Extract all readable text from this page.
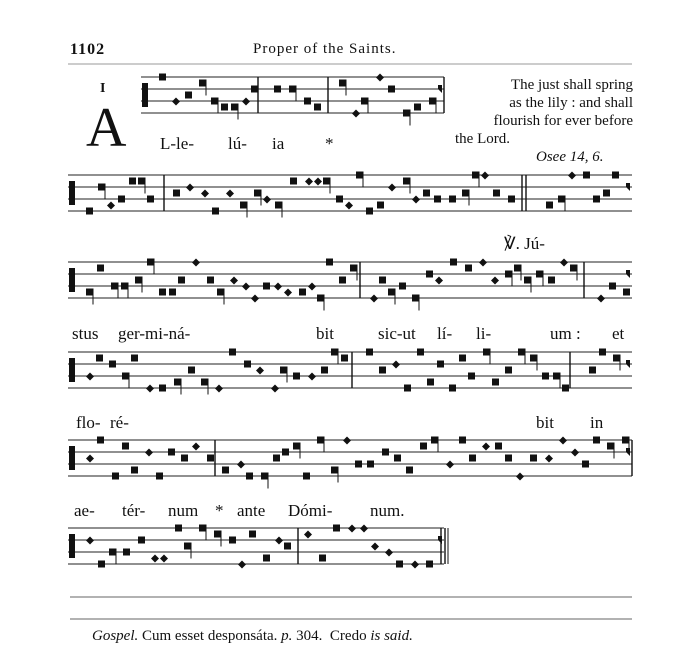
1102	Proper of the Saints.
I
A
The just shall spring
as the lily : and shall
flourish for ever before
the Lord.
Osee 14, 6.
L-le- lú- ia *
℣. Jú-
stus ger-mi-ná-	bit	sic-ut lí- li-	um : et
flo- ré-	bit in
ae- tér- num * ante Dómi- num.
Gospel. Cum esset desponsáta. p. 304. Credo is said.
